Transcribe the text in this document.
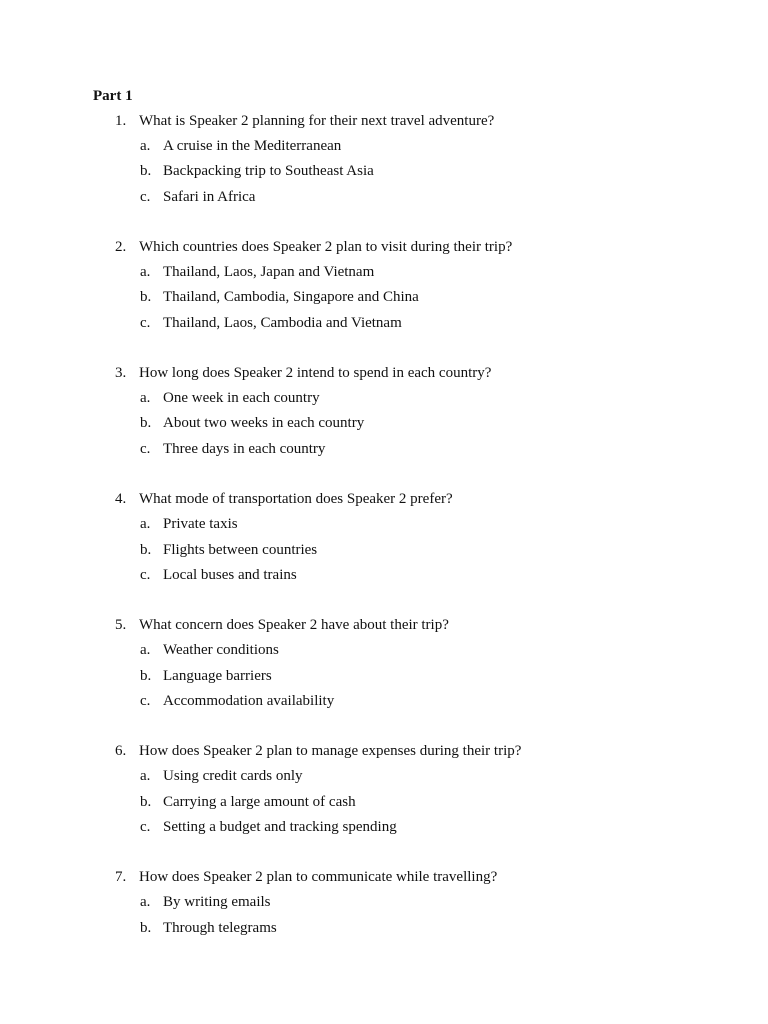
Part 1
1. What is Speaker 2 planning for their next travel adventure?
a. A cruise in the Mediterranean
b. Backpacking trip to Southeast Asia
c. Safari in Africa
2. Which countries does Speaker 2 plan to visit during their trip?
a. Thailand, Laos, Japan and Vietnam
b. Thailand, Cambodia, Singapore and China
c. Thailand, Laos, Cambodia and Vietnam
3. How long does Speaker 2 intend to spend in each country?
a. One week in each country
b. About two weeks in each country
c. Three days in each country
4. What mode of transportation does Speaker 2 prefer?
a. Private taxis
b. Flights between countries
c. Local buses and trains
5. What concern does Speaker 2 have about their trip?
a. Weather conditions
b. Language barriers
c. Accommodation availability
6. How does Speaker 2 plan to manage expenses during their trip?
a. Using credit cards only
b. Carrying a large amount of cash
c. Setting a budget and tracking spending
7. How does Speaker 2 plan to communicate while travelling?
a. By writing emails
b. Through telegrams
